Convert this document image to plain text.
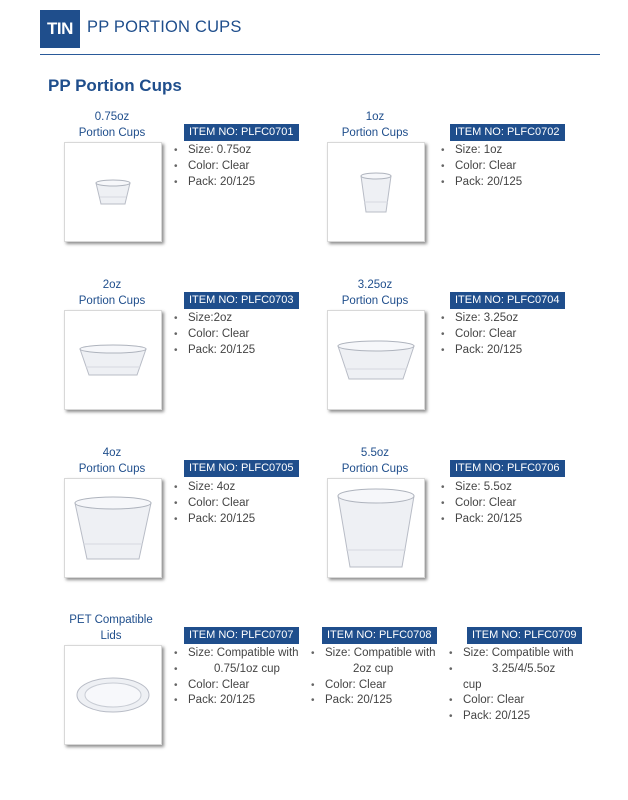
TIN PP PORTION CUPS
PP Portion Cups
0.75oz
Portion Cups	ITEM NO: PLFC0701
• Size: 0.75oz
• Color: Clear
• Pack: 20/125
1oz
Portion Cups	ITEM NO: PLFC0702
• Size: 1oz
• Color: Clear
• Pack: 20/125
2oz
Portion Cups	ITEM NO: PLFC0703
• Size:2oz
• Color: Clear
• Pack: 20/125
3.25oz
Portion Cups	ITEM NO: PLFC0704
• Size: 3.25oz
• Color: Clear
• Pack: 20/125
4oz
Portion Cups	ITEM NO: PLFC0705
• Size: 4oz
• Color: Clear
• Pack: 20/125
5.5oz
Portion Cups	ITEM NO: PLFC0706
• Size: 5.5oz
• Color: Clear
• Pack: 20/125
PET Compatible
Lids	ITEM NO: PLFC0707
• Size: Compatible with
• 0.75/1oz cup
• Color: Clear
• Pack: 20/125
ITEM NO: PLFC0708
• Size: Compatible with
2oz cup
• Color: Clear
• Pack: 20/125
ITEM NO: PLFC0709
• Size: Compatible with
• 3.25/4/5.5oz
cup
• Color: Clear
• Pack: 20/125
